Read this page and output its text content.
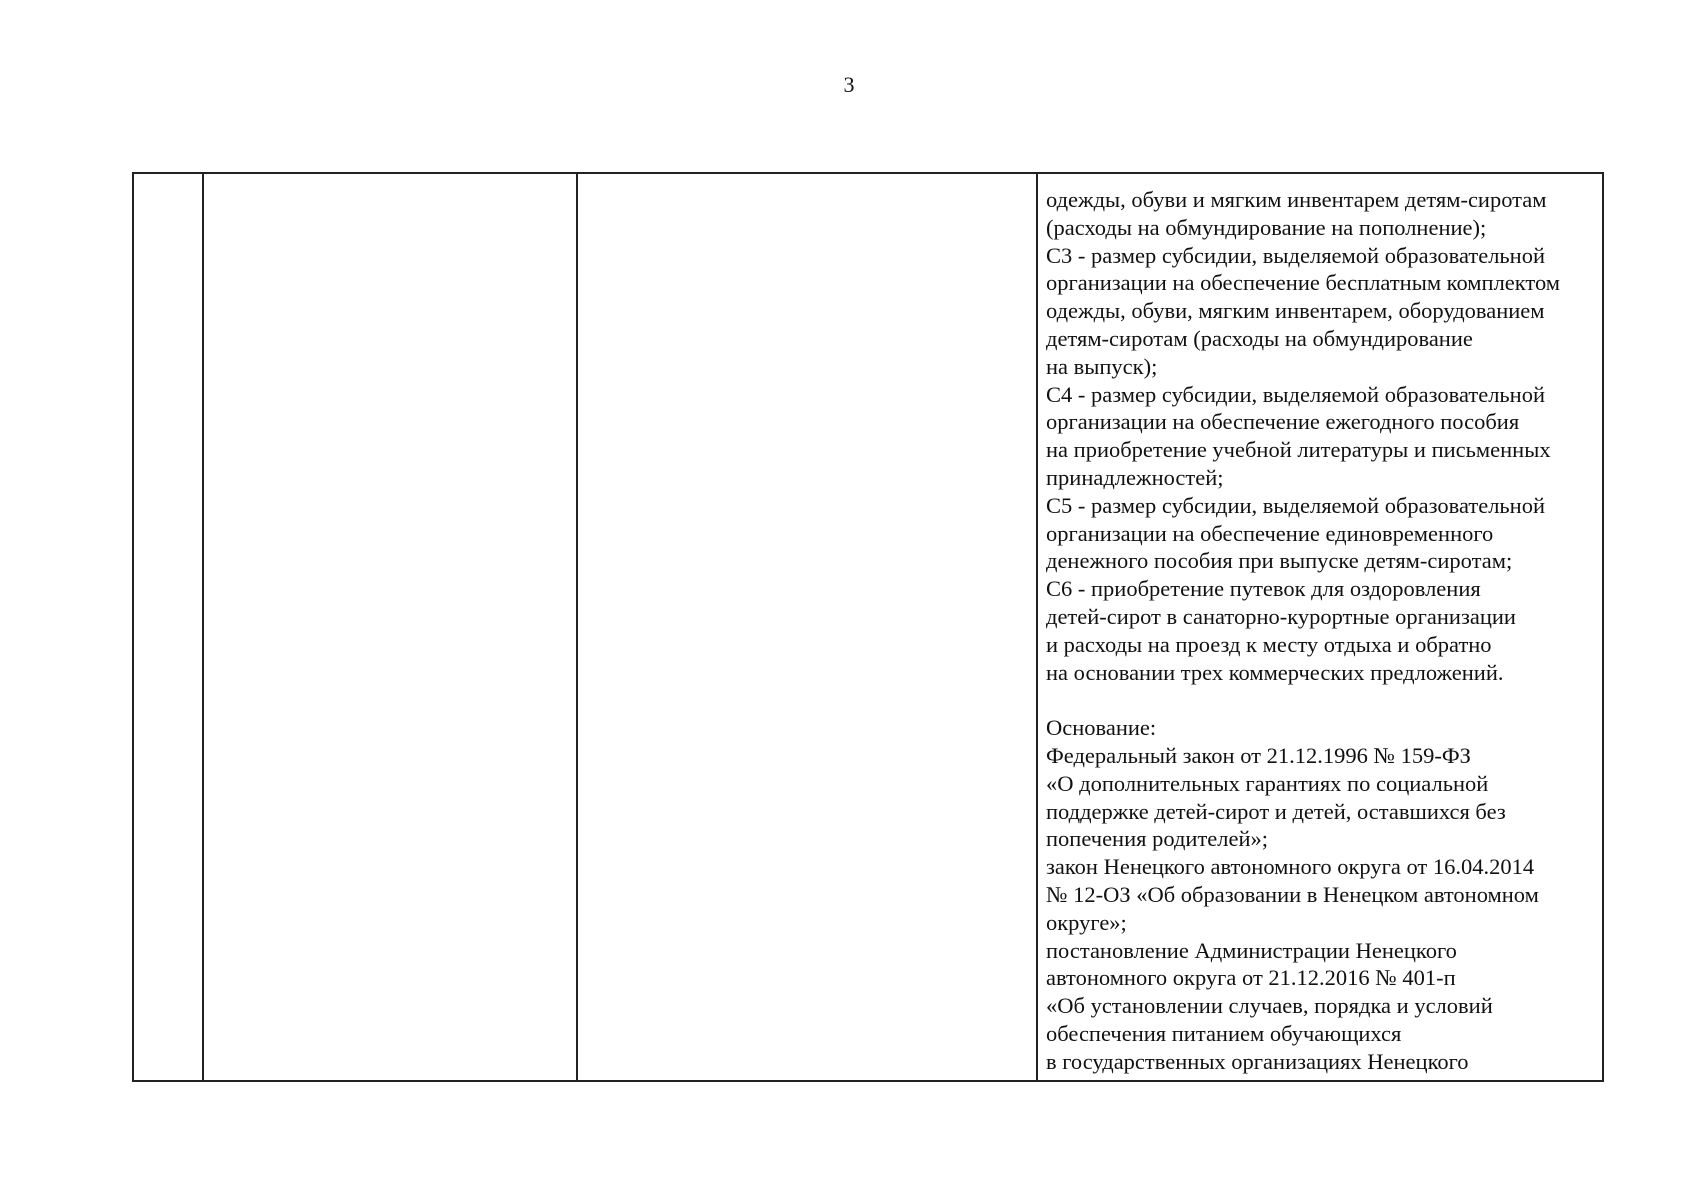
3

одежды, обуви и мягким инвентарем детям-сиротам
(расходы на обмундирование на пополнение);
С3 - размер субсидии, выделяемой образовательной
организации на обеспечение бесплатным комплектом
одежды, обуви, мягким инвентарем, оборудованием
детям-сиротам (расходы на обмундирование
на выпуск);
С4 - размер субсидии, выделяемой образовательной
организации на обеспечение ежегодного пособия
на приобретение учебной литературы и письменных
принадлежностей;
С5 - размер субсидии, выделяемой образовательной
организации на обеспечение единовременного
денежного пособия при выпуске детям-сиротам;
С6 - приобретение путевок для оздоровления
детей-сирот в санаторно-курортные организации
и расходы на проезд к месту отдыха и обратно
на основании трех коммерческих предложений.
Основание:
Федеральный закон от 21.12.1996 № 159-ФЗ
«О дополнительных гарантиях по социальной
поддержке детей-сирот и детей, оставшихся без
попечения родителей»;
закон Ненецкого автономного округа от 16.04.2014
№ 12-ОЗ «Об образовании в Ненецком автономном
округе»;
постановление Администрации Ненецкого
автономного округа от 21.12.2016 № 401-п
«Об установлении случаев, порядка и условий
обеспечения питанием обучающихся
в государственных организациях Ненецкого
